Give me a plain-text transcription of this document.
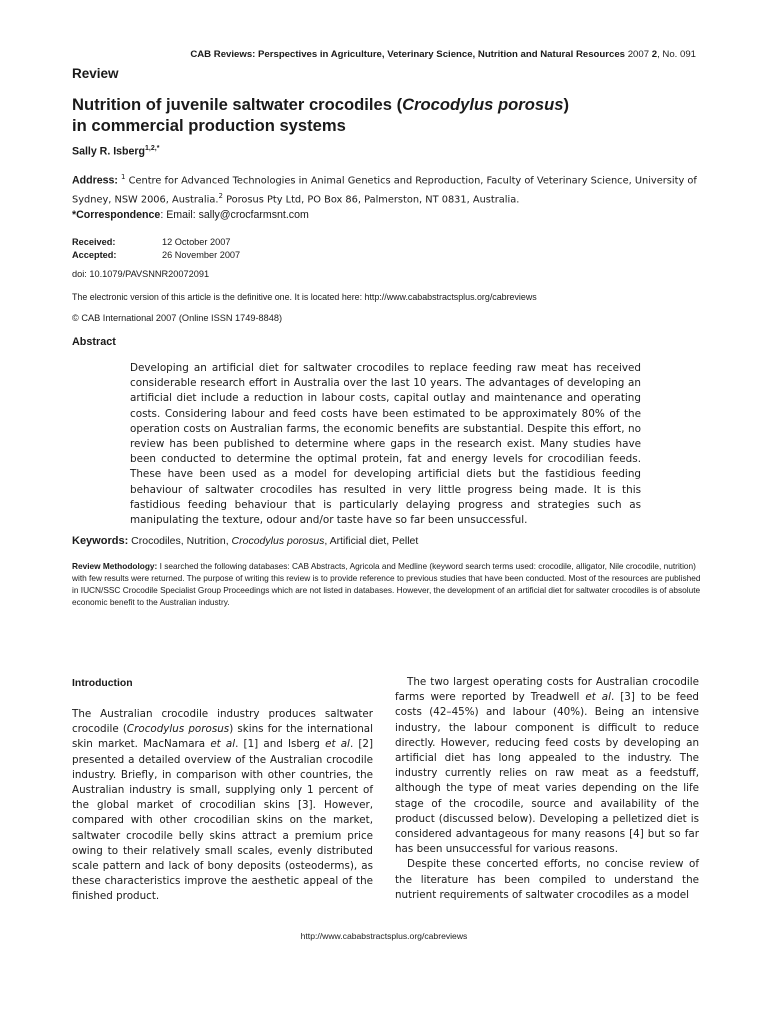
CAB Reviews: Perspectives in Agriculture, Veterinary Science, Nutrition and Natural Resources 2007 2, No. 091
Review
Nutrition of juvenile saltwater crocodiles (Crocodylus porosus)
in commercial production systems
Sally R. Isberg$^{1,2,*}$
Address: $^1$ Centre for Advanced Technologies in Animal Genetics and Reproduction, Faculty of Veterinary Science, University of Sydney, NSW 2006, Australia.$^2$ Porosus Pty Ltd, PO Box 86, Palmerston, NT 0831, Australia.
*Correspondence: Email: sally@crocfarmsnt.com
Received:	12 October 2007
Accepted:	26 November 2007
doi: 10.1079/PAVSNNR20072091
The electronic version of this article is the definitive one. It is located here: http://www.cababstractsplus.org/cabreviews
© CAB International 2007 (Online ISSN 1749-8848)
Abstract
Developing an artificial diet for saltwater crocodiles to replace feeding raw meat has received considerable research effort in Australia over the last 10 years. The advantages of developing an artificial diet include a reduction in labour costs, capital outlay and maintenance and operating costs. Considering labour and feed costs have been estimated to be approximately 80% of the operation costs on Australian farms, the economic benefits are substantial. Despite this effort, no review has been published to determine where gaps in the research exist. Many studies have been conducted to determine the optimal protein, fat and energy levels for crocodilian feeds. These have been used as a model for developing artificial diets but the fastidious feeding behaviour of saltwater crocodiles has resulted in very little progress being made. It is this fastidious feeding behaviour that is particularly delaying progress and strategies such as manipulating the texture, odour and/or taste have so far been unsuccessful.
Keywords: Crocodiles, Nutrition, Crocodylus porosus, Artificial diet, Pellet
Review Methodology: I searched the following databases: CAB Abstracts, Agricola and Medline (keyword search terms used: crocodile, alligator, Nile crocodile, nutrition) with few results were returned. The purpose of writing this review is to provide reference to previous studies that have been conducted. Most of the resources are published in IUCN/SSC Crocodile Specialist Group Proceedings which are not listed in databases. However, the development of an artificial diet for saltwater crocodiles is of absolute economic benefit to the Australian industry.
Introduction

The Australian crocodile industry produces saltwater crocodile (Crocodylus porosus) skins for the international skin market. MacNamara et al. [1] and Isberg et al. [2] presented a detailed overview of the Australian crocodile industry. Briefly, in comparison with other countries, the Australian industry is small, supplying only 1 percent of the global market of crocodilian skins [3]. However, compared with other crocodilian skins on the market, saltwater crocodile belly skins attract a premium price owing to their relatively small scales, evenly distributed scale pattern and lack of bony deposits (osteoderms), as these characteristics improve the aesthetic appeal of the finished product.

The two largest operating costs for Australian crocodile farms were reported by Treadwell et al. [3] to be feed costs (42–45%) and labour (40%). Being an intensive industry, the labour component is difficult to reduce directly. However, reducing feed costs by developing an artificial diet has long appealed to the industry. The industry currently relies on raw meat as a feedstuff, although the type of meat varies depending on the life stage of the crocodile, source and availability of the product (discussed below). Developing a pelletized diet is considered advantageous for many reasons [4] but so far has been unsuccessful for various reasons.

Despite these concerted efforts, no concise review of the literature has been compiled to understand the nutrient requirements of saltwater crocodiles as a model

http://www.cababstractsplus.org/cabreviews
